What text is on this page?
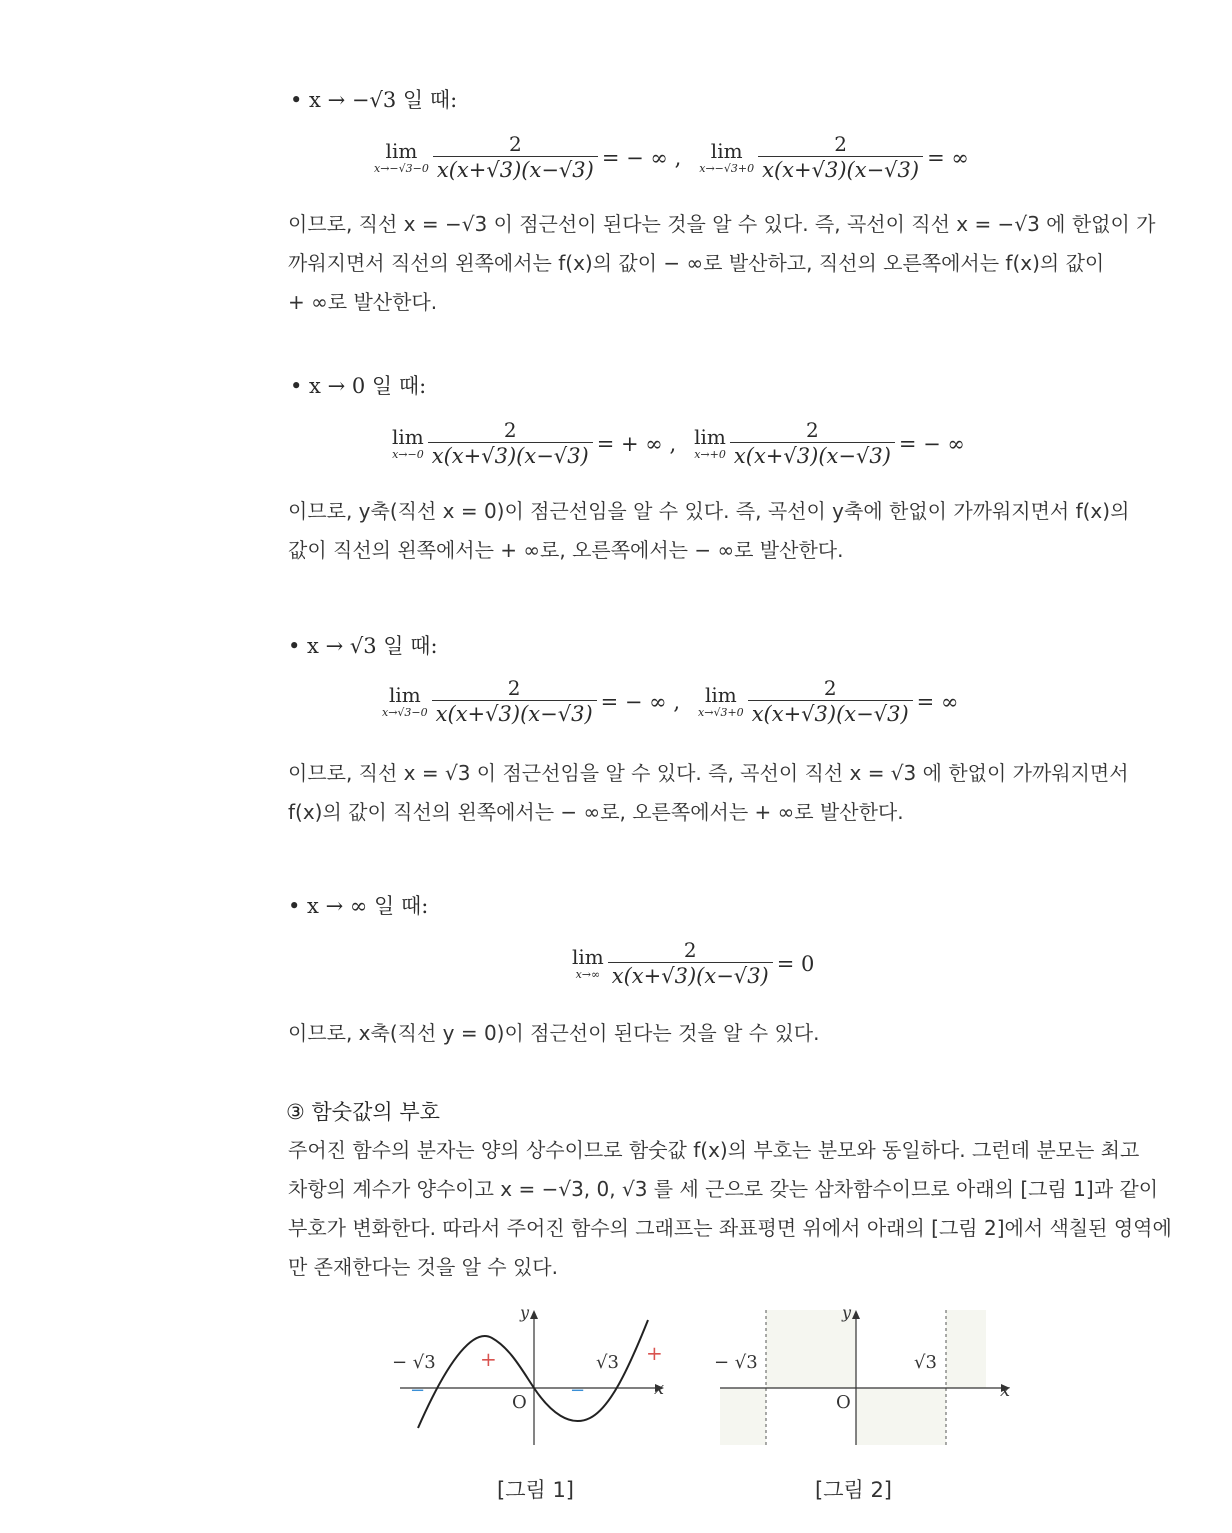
• x → −√3 일 때:
lim
$x\to-√3-0 \frac{2}{x(x+√3)(x-√3)}$ = − ∞ , lim
$x\to-√3+0 \frac{2}{x(x+√3)(x-√3)}$ = ∞

이므로, 직선 x = −√3 이 점근선이 된다는 것을 알 수 있다. 즉, 곡선이 직선 x = −√3 에 한없이 가

까워지면서 직선의 왼쪽에서는 f(x)의 값이 − ∞로 발산하고, 직선의 오른쪽에서는 f(x)의 값이

+ ∞로 발산한다.

• x → 0 일 때:
lim
$x\to-0 \frac{2}{x(x+√3)(x-√3)}$ = + ∞ , lim
$x\to+0 \frac{2}{x(x+√3)(x-√3)}$ = − ∞

이므로, y축(직선 x = 0)이 점근선임을 알 수 있다. 즉, 곡선이 y축에 한없이 가까워지면서 f(x)의

값이 직선의 왼쪽에서는 + ∞로, 오른쪽에서는 − ∞로 발산한다.

• x → √3 일 때:
lim
$x\to√3-0 \frac{2}{x(x+√3)(x-√3)}$ = − ∞ , lim
$x\to√3+0 \frac{2}{x(x+√3)(x-√3)}$ = ∞

이므로, 직선 x = √3 이 점근선임을 알 수 있다. 즉, 곡선이 직선 x = √3 에 한없이 가까워지면서

f(x)의 값이 직선의 왼쪽에서는 − ∞로, 오른쪽에서는 + ∞로 발산한다.

• x → ∞ 일 때:
lim
$x\to\infty \frac{2}{x(x+√3)(x-√3)} = 0$

이므로, x축(직선 y = 0)이 점근선이 된다는 것을 알 수 있다.

③ 함숫값의 부호

주어진 함수의 분자는 양의 상수이므로 함숫값 f(x)의 부호는 분모와 동일하다. 그런데 분모는 최고

차항의 계수가 양수이고 x = −√3, 0, √3 를 세 근으로 갖는 삼차함수이므로 아래의 [그림 1]과 같이

부호가 변화한다. 따라서 주어진 함수의 그래프는 좌표평면 위에서 아래의 [그림 2]에서 색칠된 영역에

만 존재한다는 것을 알 수 있다.

y
x
O
− √3	√3
−
+
−
+
[그림 1]
y
x
O
− √3	√3
[그림 2]
